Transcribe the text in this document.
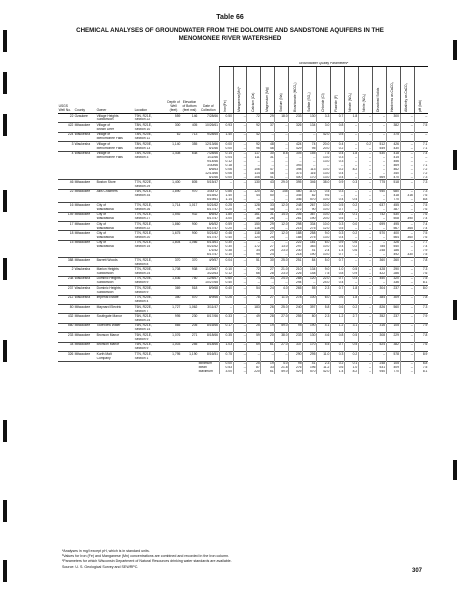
Table 66
CHEMICAL ANALYSES OF GROUNDWATER FROM THE DOLOMITE AND SANDSTONE AQUIFERS IN THE MENOMONEE RIVER WATERSHED
							Groundwater Quality Parametersᵃ														
USGS Well No.	County	Owner	Location	Depth of Well (feet)	Elevation of Bottom (feet msl)	Date of Collection	Iron(Fe)	Manganese(Mn)ᵇ	Calcium (Ca)	Magnesium (Mg)	Sodium (Na)	Bicarbonate (HCO₃)	Sulfate (SO₄)	Chloride (Cl)	Fluoride (F)	Nitrate (NO₃)	Nitrite (NO₂)	Dissolved Solids	Hardness as CaCO₃	Alkalinity as CaCO₃	pH (lab)

22	Ozaukee	Village Heights	T9N, R21E,	559	146	7/28/66	0.50	--	72	29	18.0	233	130	3.3	0.7	1.8	--	--	300	--	--
		Subdivision	Section 22																		
422	Milwaukee	Village of	T8N, R21E,	300	405	10/26/61	0.93	--	92	37	--	326	134	3.0	0.8	--	--	--	382	--	7.5
		Brown Deer	Section 10																		
224	Waukesha	Village of	T8N, R20E,	62	713	9/28/65	1.40	--	42	--	--	--	--	42.0	0.5	--	--	--	375	--	--
		Menomonee Falls	Section 11																		
3	Waukesha	Village of	T8N, R20E,	1,140	355	12/13/66	0.00	--	92	48	--	424	74	20.0	0.4	--	0.2	512	426	--	7.1
		Menomonee Falls	Section 13			5/1/66	0.00	--	96	46	--	429	95	20.0	0.2	--	--	549	430	--	7.1
4	Waukesha	Village of	T8N, R20E,	1,408	638	7/28/66	0.14	--	117	30	8.8	305	155	7.5	0.4	1.8	--	530	418	--	7.4
		Menomonee Falls	Section 3			1/11/66	0.04	--	111	31	--	--	--	13.0	0.3	--	--	--	415	--	--
						9/14/66	0.12	--	--	--	--	--	--	13.0	0.3	--	--	--	456	--	--
						3/30/66	0.18	--	--	--	--	393	--	--	--	--	--	--	469	--	7.1
						6/6/63	0.06	--	106	47	--	398	113	10.0	0.2	8.2	--	--	462	--	7.2
						12/13/66	0.06	--	114	46	--	373	116	13.0	0.4	--	--	--	340	--	7.2
						5/1/66	0.00	--	106	41	--	400	170	13.0	0.4	--	--	569	470	--	7.3
46	Milwaukee	Boston Store	T7N, R22E,	1,400	805	5/15/47	--	--	130	43	29.0	395	346	38.0	0.9	0.3	--	775	518	--	7.3
			Section 29																		
22	Milwaukee	Allis Chalmers	T6N, R21E,	1,890	970	3/30/72	0.86	--	120	32	145	460	11.0	0.5	0.3	--	--	940	680	--	7.3
			Section 34			8/15/62	1.40	--	44	50	--	345	82	9.6	--	--	--	--	418	316	7.6
						6/19/61	1.14	--	--	--	--	346	570	10.0	0.4	0.4	--	--	770	--	8.8
16	Milwaukee	City of	T7N, R21E,	1,714	1,017	5/21/62	0.25	--	128	33	12.0	248	267	10.0	0.5	0.2	--	637	455	--	7.5
		Wauwatosa	Section 26			6/17/47	0.20	--	76	48	--	372	90	10.0	0.7	--	--	--	387	--	7.6
149	Milwaukee	City of	T7N, R21E,	1,592	932	6/6/52	1.80	--	161	31	14.0	206	367	10.0	0.4	0.1	--	742	530	--	7.6
		Wauwatosa	Section 27			6/17/47	3.00	--	36	26	--	261	190	20.0	0.5	--	--	--	508	390	7.4
17	Milwaukee	City of	T7N, R21E,	1,860	900	6/6/52	0.59	--	150	29	12.0	298	334	10.0	0.3	0.0	--	699	495	--	7.4
		Wauwatosa	Section 22			6/17/47	0.20	--	116	25	--	215	275	12.0	0.5	--	--	--	567	365	7.4
18	Milwaukee	City of	T7N, R21E,	1,675	900	5/21/62	0.46	--	118	27	12.0	188	258	9.0	0.3	0.2	--	570	400	--	7.5
		Wauwatosa	Section 20			6/17/47	0.40	--	120	25	--	188	275	13.0	0.4	--	--	--	564	360	7.6
15	Milwaukee	City of	T7N, R21E,	1,804	1,066	6/13/61	0.30	--	--	--	--	222	181	6.0	0.9	0.6	--	--	326	--	7.7
		Wauwatosa	Section 15			5/21/62	0.30	--	172	27	13.0	297	383	10.0	0.4	0.2	--	785	540	--	7.4
						1/1/52	0.38	--	34	25	23.0	230	41	2.4	1.4	0.6	--	248	186	--	7.9
						6/17/47	0.10	--	99	24	--	218	190	10.0	0.7	--	--	--	492	330	7.5
388	Milwaukee	Barrett Woods	T7N, R21E,	370	370	4/9/57	0.04	--	51	30	25.0	251	84	5.0	0.7	--	--	360	260	--	7.8
			Section 8																		
2	Waukesha	Marion Heights	T7N, R20E,	1,708	938	11/29/67	0.10	--	72	27	21.0	210	134	9.0	1.0	0.5	--	428	290	--	7.3
		Subdivision	Section 24			3/22/63	0.12	--	66	28	23.0	226	148	7.5	0.8	0.9	--	422	286	--	7.6
238	Waukesha	Dominic Heights	T7N, R20E,	1,636	760	12/8/67	0.60	--	74	33	24.0	288	120	22.0	0.7	0.4	--	450	320	--	7.5
		Subdivision	Section 9			10/27/65	0.40	--	--	--	--	294	--	24.0	0.4	--	--	--	336	--	8.1
237	Waukesha	Dominic Heights	T7N, R20E,	369	518	8/9/68	0.40	--	54	24	4.0	265	55	2.3	0.7	1.8	--	304	237	--	8.0
		Subdivision	Section 9																		
212	Waukesha	Imperial Estate	T7N, R20E,	350	570	8/9/66	0.26	--	78	27	11.0	278	100	6.0	0.6	1.8	--	384	309	--	7.8
			Section 4																		
80	Milwaukee	Maynard Electric	T6N, R22E,	1,727	1,062	3/11/47	--	--	183	26	25.0	240	397	5.8	0.6	0.2	--	826	560	--	7.3
			Section 7																		
432	Milwaukee	Southgate Manor	T6N, R21E,	995	230	8/17/66	0.33	--	49	28	27.0	255	80	2.3	1.2	2.7	--	352	237	--	7.9
			Section 24																		
560	Milwaukee	Townview Water	T6N, R21E,	565	205	8/16/66	0.17	--	25	19	59.0	95	190	4.1	1.2	3.1	--	316	105	--	7.9
			Section 14																		
233	Milwaukee	Bronson Manor	T6N, R21E,	1,076	271	8/18/66	0.35	--	59	20	38.0	233	130	4.6	0.8	0.5	--	308	229	--	7.8
			Section 9																		
34	Milwaukee	Bronson Manor	T6N, R21E,	1,003	255	8/18/66	1.03	--	69	61	27.0	337	170	5.5	0.7	0.5	--	524	382	--	7.6
			Section 9																		
326	Milwaukee	Kurth Malt	T7N, R21E,	1,795	1,190	8/16/51	0.75	--	--	--	--	290	295	11.0	0.3	0.2	--	--	578	--	8.9
		Company	Section 1																		
						Minimum	0.00	--	25	19	4.0	95	41	2.3	0.2	0.1	--	248	105	--	6.8
						Mean	0.53	--	87	33	21.8	276	196	11.2	0.6	1.0	--	531	409	--	7.5
						Maximum	3.00	--	220	61	59.0	429	570	42.0	1.4	8.2	--	940	770	--	8.1
ᵃAnalyses in mg/l except pH, which is in standard units.
ᵇValues for Iron (Fe) and Manganese (Mn) concentrations are combined and recorded in the Iron column.
ᶜParameters for which Wisconsin Department of Natural Resources drinking water standards are available.
Source: U. S. Geological Survey and SEWRPC.
307
